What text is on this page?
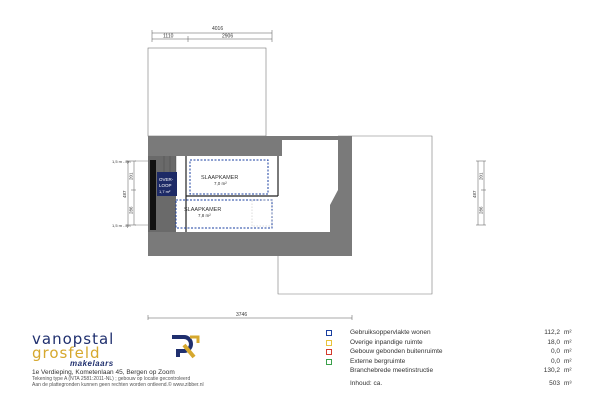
4016
1110	2906
OVER-
LOOP
1,7 m²
SLAAPKAMER
7,0 m²
SLAAPKAMER
7,8 m²
1,5 m - lijn
1,5 m - lijn
487
201
286
487
201
286
3746
vanopstal
grosfeld
makelaars
1e Verdieping, Kometenlaan 45, Bergen op Zoom
Tekening type A (NTA 2581:2011-NL) ; gebouw op locatie gecontroleerd
Aan de plattegronden kunnen geen rechten worden ontleend.© www.zibber.nl
Gebruiksoppervlakte wonen	112,2 m²
Overige inpandige ruimte	18,0 m²
Gebouw gebonden buitenruimte	0,0 m²
Externe bergruimte	0,0 m²
Branchebrede meetinstructie	130,2 m²
Inhoud: ca.	503 m³
